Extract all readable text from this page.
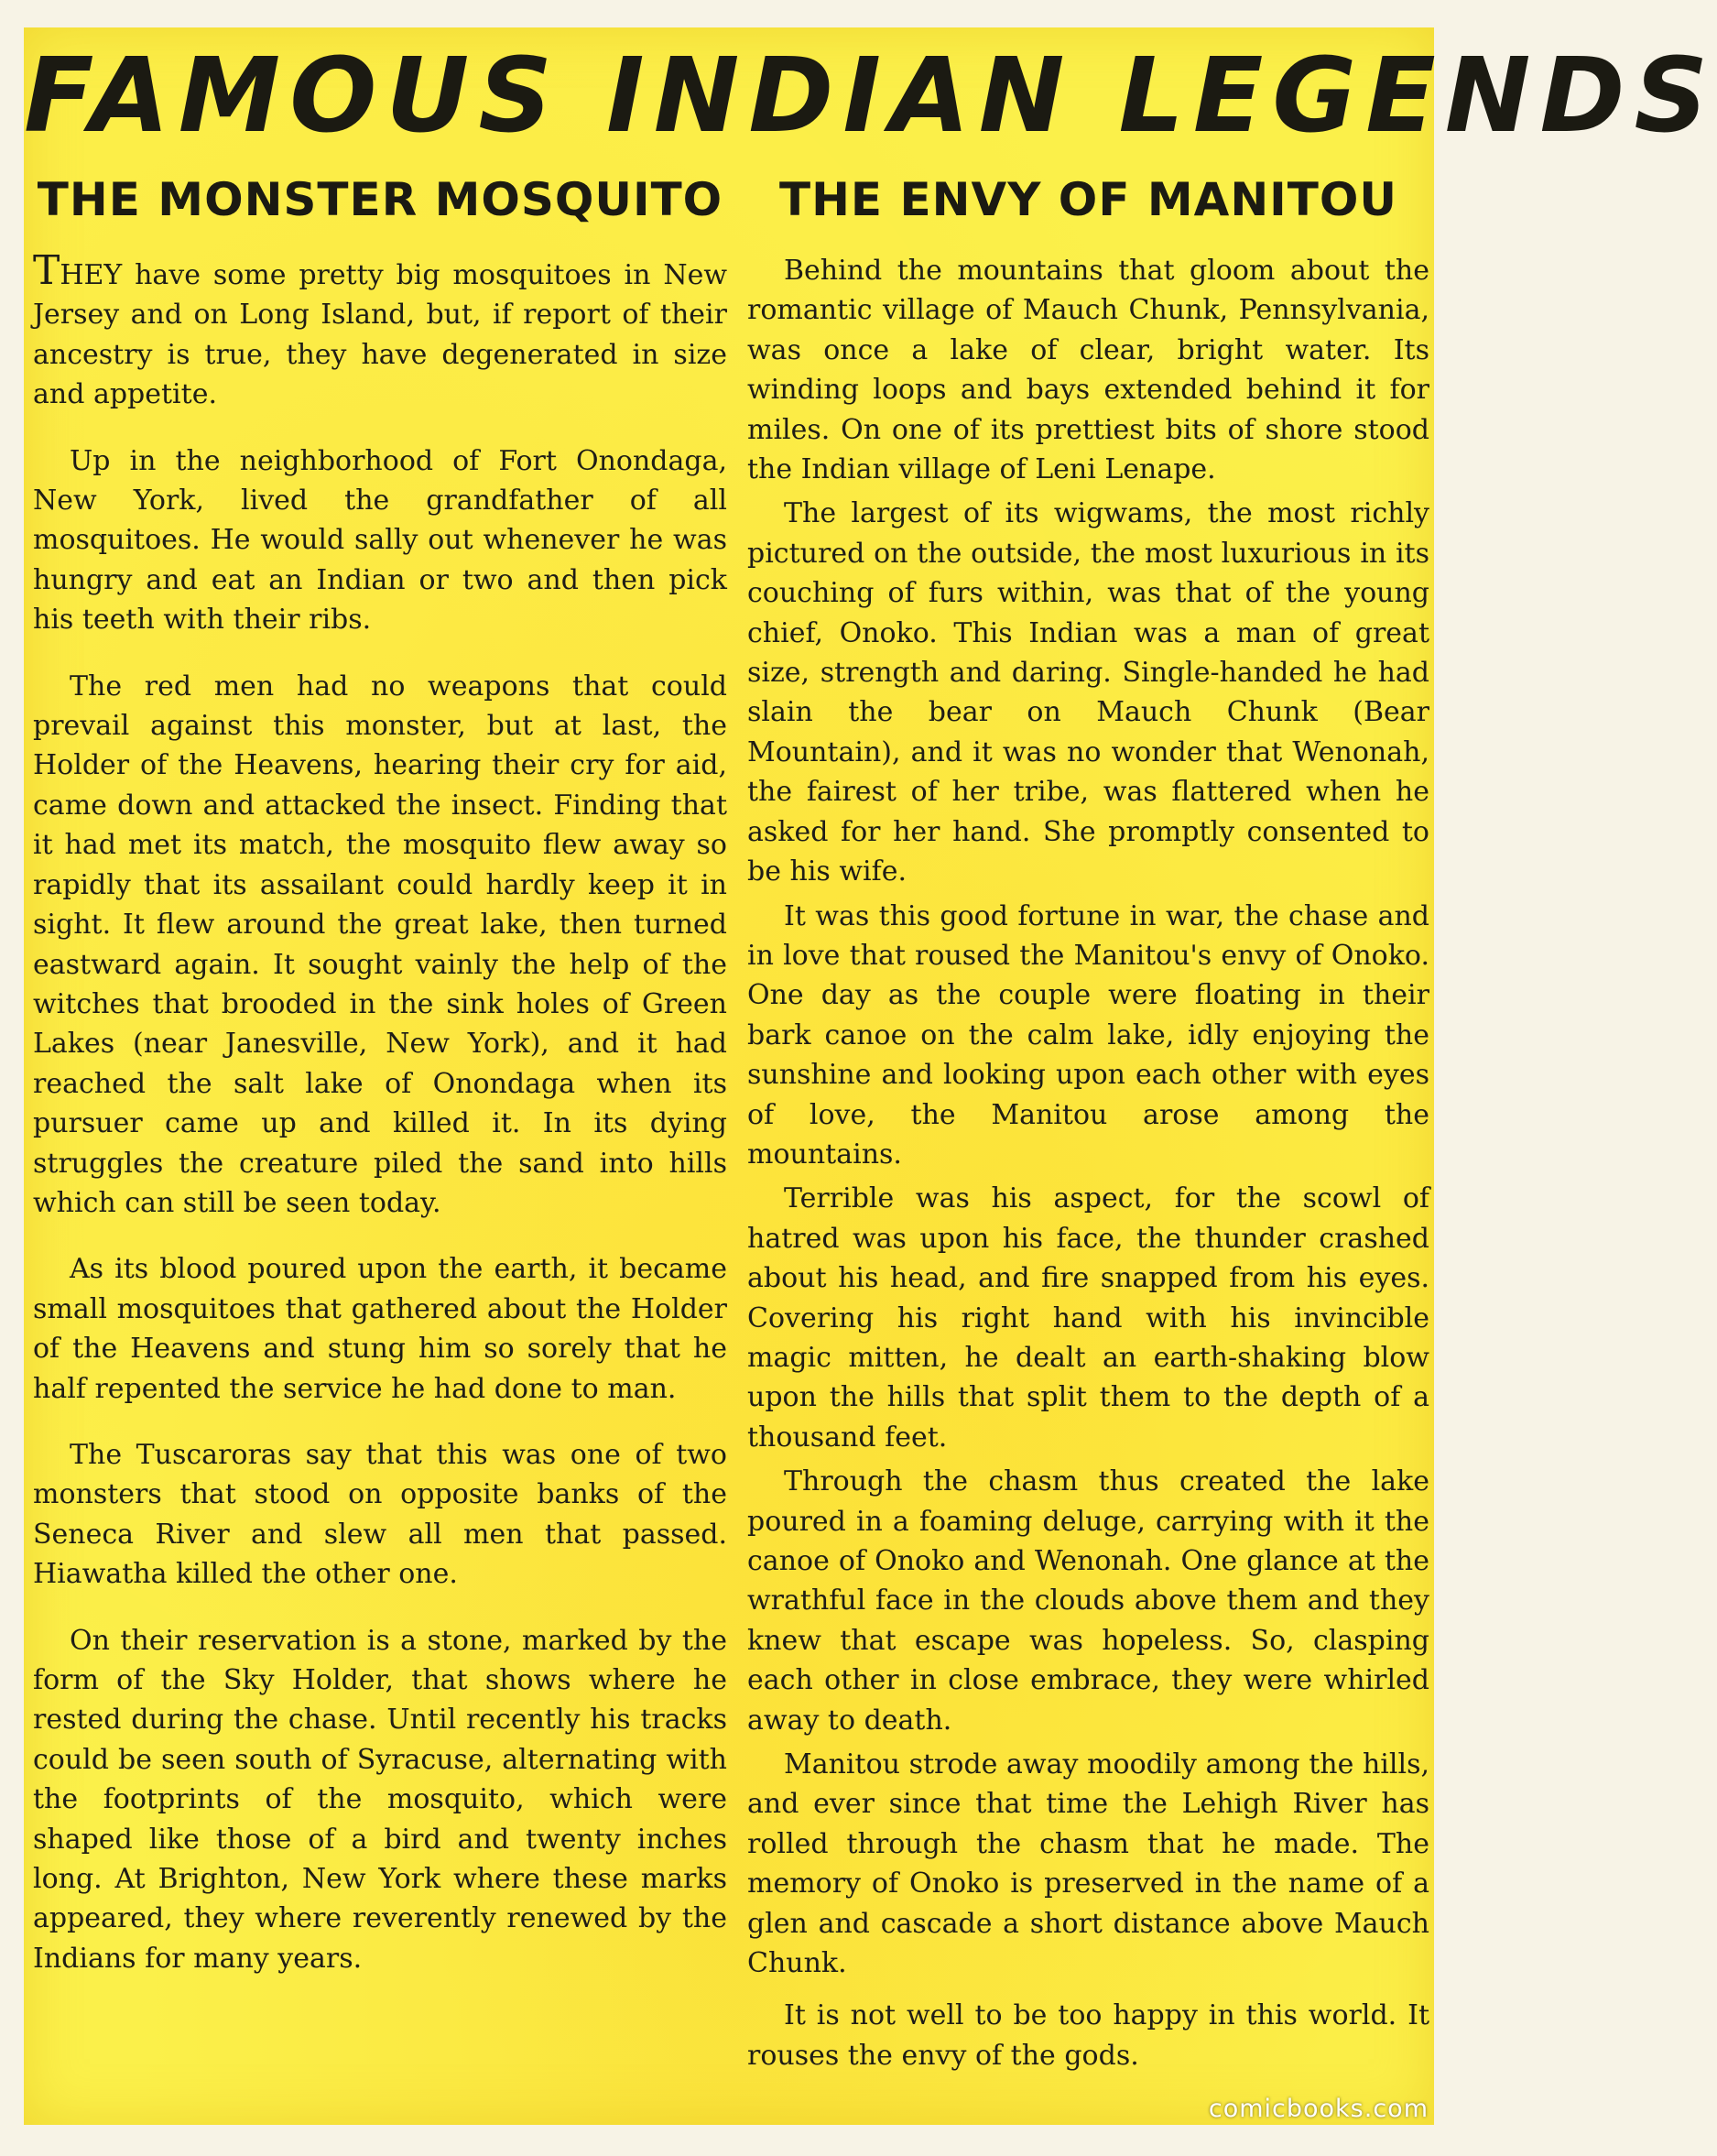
FAMOUS INDIAN LEGENDS
THE MONSTER MOSQUITO

THEY have some pretty big mosquitoes in New Jersey and on Long Island, but, if report of their ancestry is true, they have degenerated in size and appetite.

Up in the neighborhood of Fort Onondaga, New York, lived the grandfather of all mosquitoes. He would sally out whenever he was hungry and eat an Indian or two and then pick his teeth with their ribs.

The red men had no weapons that could prevail against this monster, but at last, the Holder of the Heavens, hearing their cry for aid, came down and attacked the insect. Finding that it had met its match, the mosquito flew away so rapidly that its assailant could hardly keep it in sight. It flew around the great lake, then turned eastward again. It sought vainly the help of the witches that brooded in the sink holes of Green Lakes (near Janesville, New York), and it had reached the salt lake of Onondaga when its pursuer came up and killed it. In its dying struggles the creature piled the sand into hills which can still be seen today.

As its blood poured upon the earth, it became small mosquitoes that gathered about the Holder of the Heavens and stung him so sorely that he half repented the service he had done to man.

The Tuscaroras say that this was one of two monsters that stood on opposite banks of the Seneca River and slew all men that passed. Hiawatha killed the other one.

On their reservation is a stone, marked by the form of the Sky Holder, that shows where he rested during the chase. Until recently his tracks could be seen south of Syracuse, alternating with the footprints of the mosquito, which were shaped like those of a bird and twenty inches long. At Brighton, New York where these marks appeared, they where reverently renewed by the Indians for many years.

THE ENVY OF MANITOU

Behind the mountains that gloom about the romantic village of Mauch Chunk, Pennsylvania, was once a lake of clear, bright water. Its winding loops and bays extended behind it for miles. On one of its prettiest bits of shore stood the Indian village of Leni Lenape.

The largest of its wigwams, the most richly pictured on the outside, the most luxurious in its couching of furs within, was that of the young chief, Onoko. This Indian was a man of great size, strength and daring. Single-handed he had slain the bear on Mauch Chunk (Bear Mountain), and it was no wonder that Wenonah, the fairest of her tribe, was flattered when he asked for her hand. She promptly consented to be his wife.

It was this good fortune in war, the chase and in love that roused the Manitou's envy of Onoko. One day as the couple were floating in their bark canoe on the calm lake, idly enjoying the sunshine and looking upon each other with eyes of love, the Manitou arose among the mountains.

Terrible was his aspect, for the scowl of hatred was upon his face, the thunder crashed about his head, and fire snapped from his eyes. Covering his right hand with his invincible magic mitten, he dealt an earth-shaking blow upon the hills that split them to the depth of a thousand feet.

Through the chasm thus created the lake poured in a foaming deluge, carrying with it the canoe of Onoko and Wenonah. One glance at the wrathful face in the clouds above them and they knew that escape was hopeless. So, clasping each other in close embrace, they were whirled away to death.

Manitou strode away moodily among the hills, and ever since that time the Lehigh River has rolled through the chasm that he made. The memory of Onoko is preserved in the name of a glen and cascade a short distance above Mauch Chunk.

It is not well to be too happy in this world. It rouses the envy of the gods.

comicbooks.com
